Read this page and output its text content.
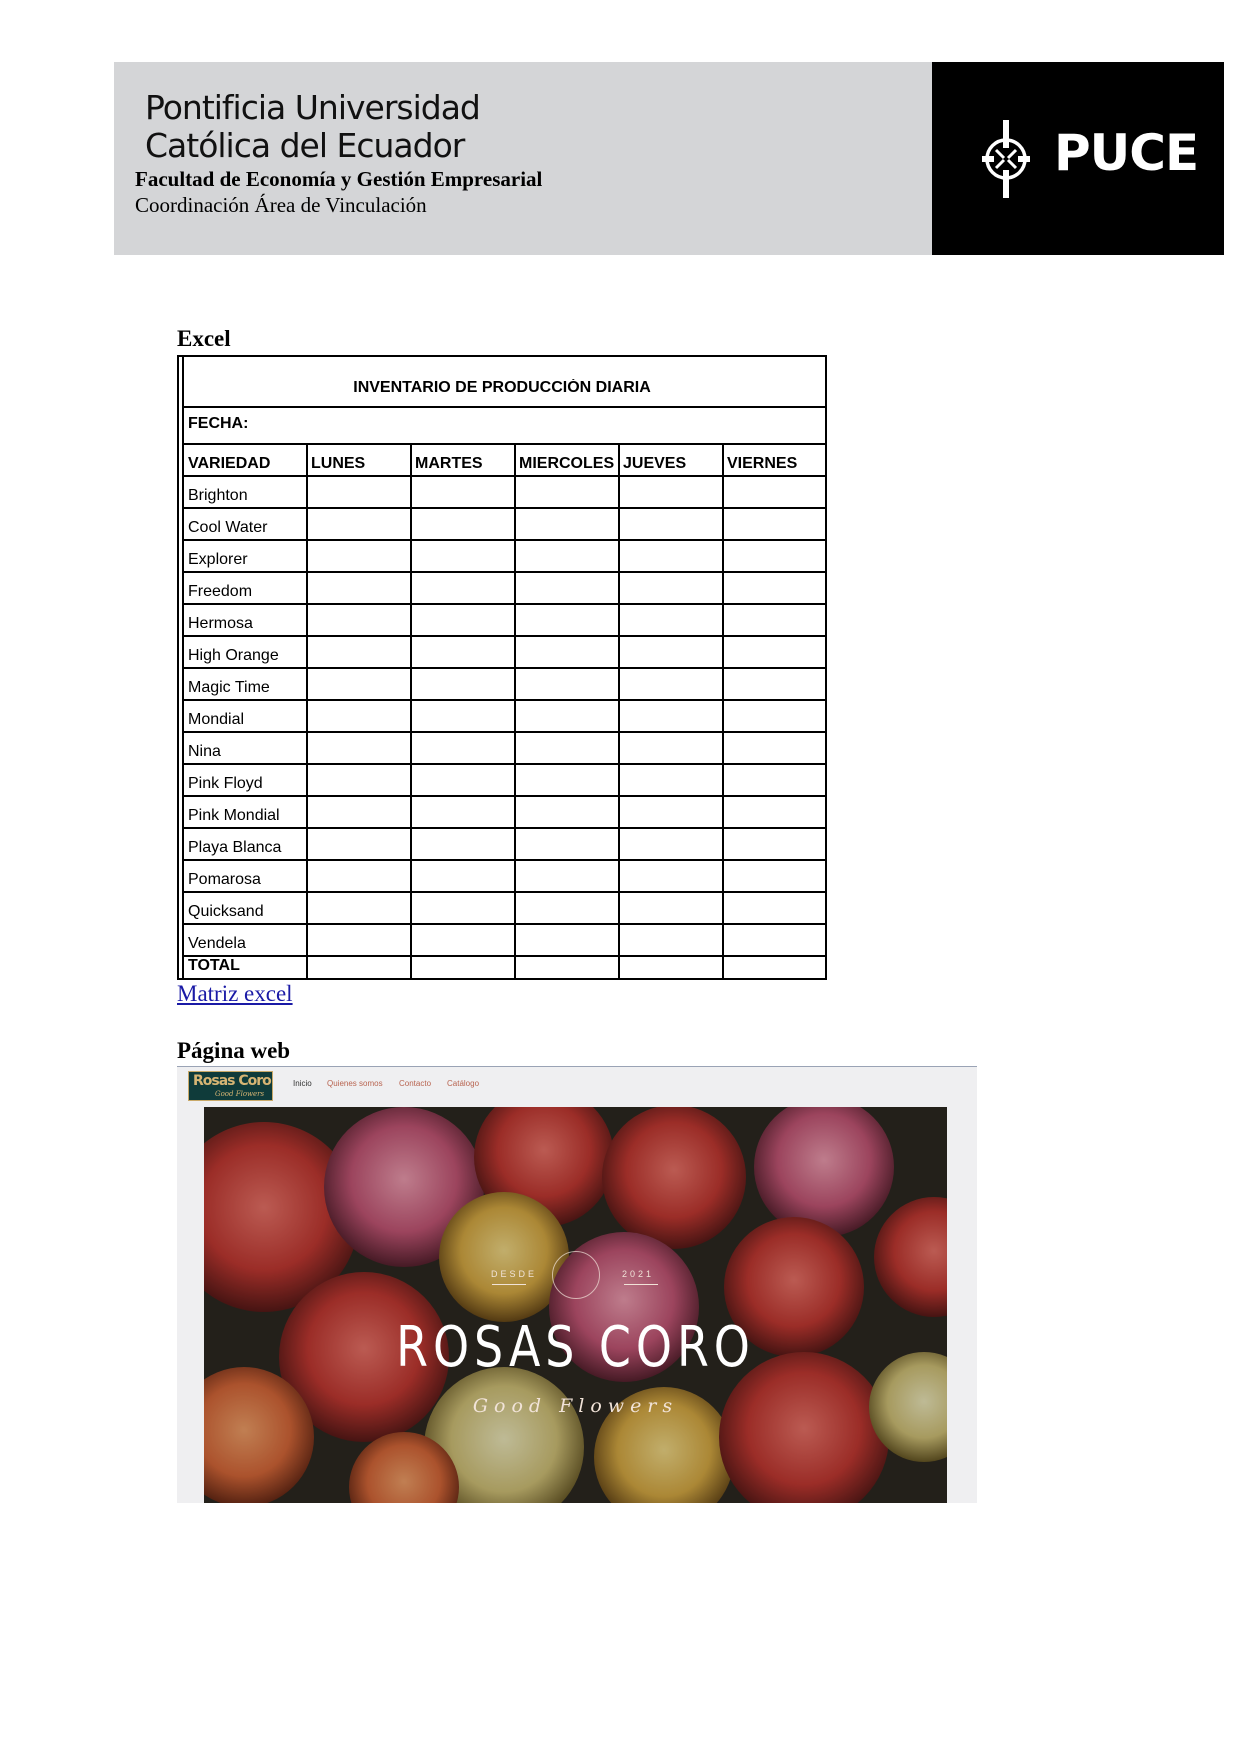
Pontificia Universidad
Católica del Ecuador
Facultad de Economía y Gestión Empresarial
Coordinación Área de Vinculación
PUCE
Excel
INVENTARIO DE PRODUCCIÓN DIARIA
FECHA:
VARIEDAD	LUNES	MARTES	MIERCOLES JUEVES	VIERNES
Brighton
Cool Water
Explorer
Freedom
Hermosa
High Orange
Magic Time
Mondial
Nina
Pink Floyd
Pink Mondial
Playa Blanca
Pomarosa
Quicksand
Vendela
TOTAL
Matriz excel
Página web
Rosas Coro
Good Flowers
Inicio Quienes somos Contacto Catálogo
DESDE	2021
ROSAS CORO
Good Flowers
